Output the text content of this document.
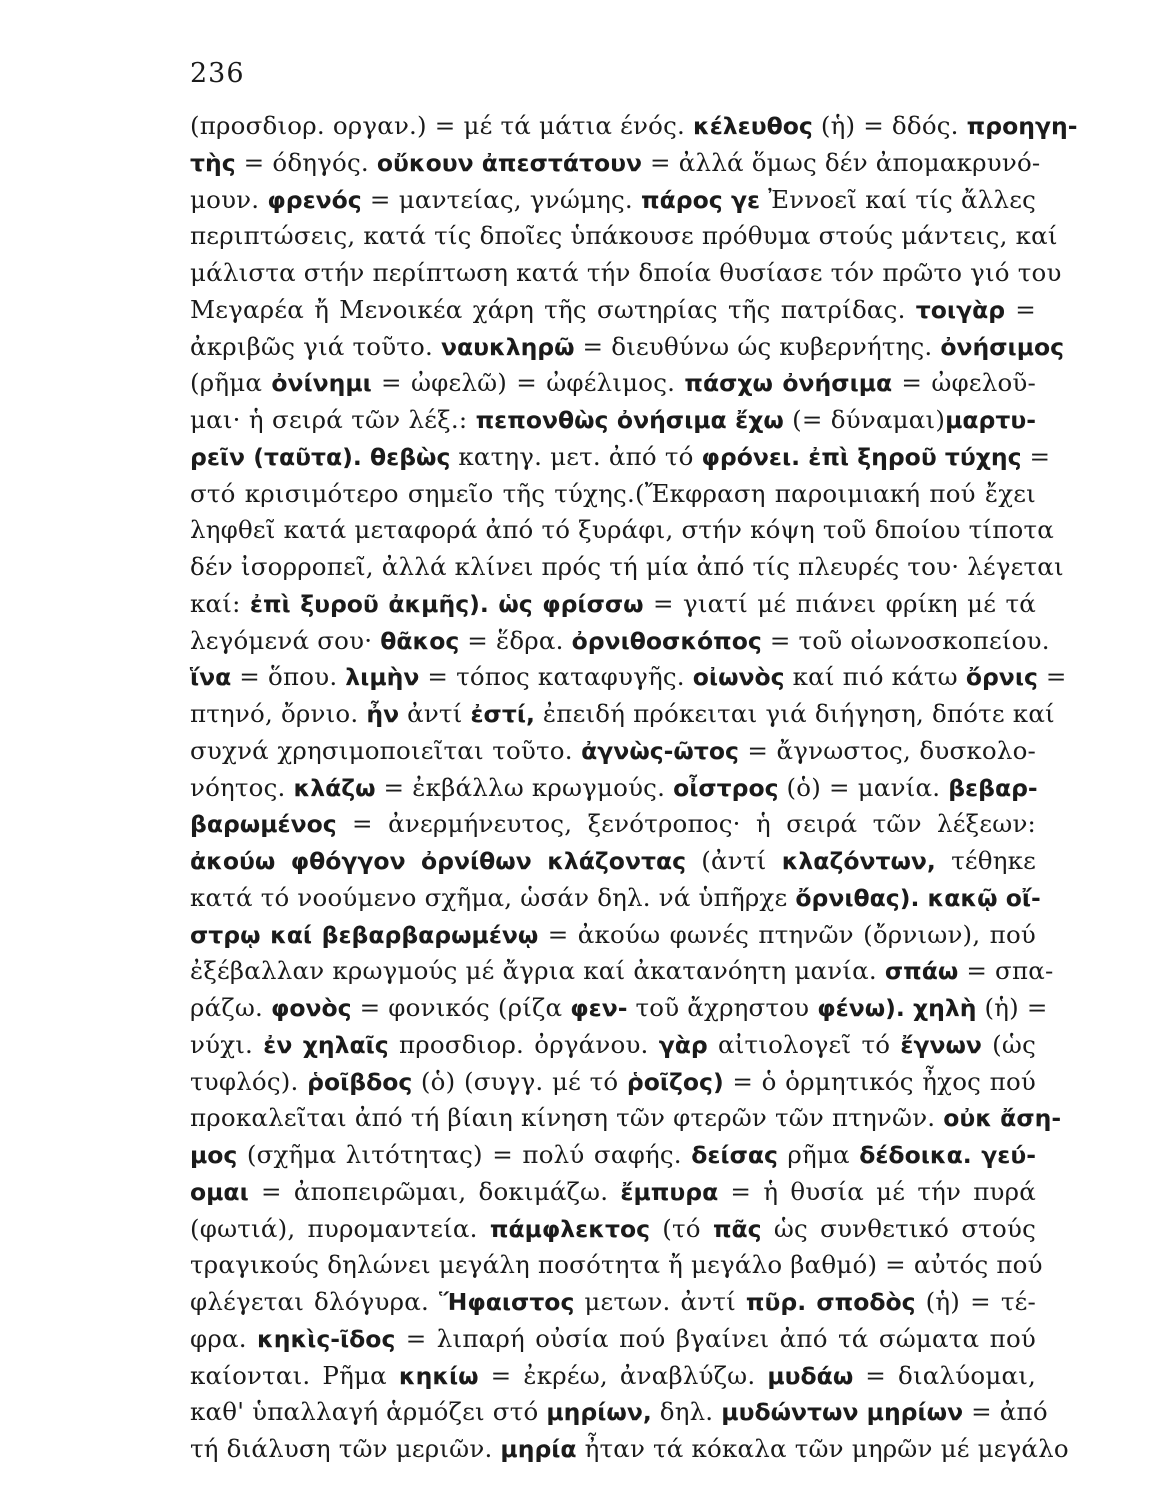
236
(προσδιορ. οργαν.) = μέ τά μάτια ένός. κέλευθος (ἡ) = δδός. προηγη-
τὴς = όδηγός. οὔκουν ἀπεστάτουν = ἀλλά ὅμως δέν ἀπομακρυνό-
μουν. φρενός = μαντείας, γνώμης. πάρος γε Ἐννοεῖ καί τίς ἄλλες
περιπτώσεις, κατά τίς δποῖες ὑπάκουσε πρόθυμα στούς μάντεις, καί
μάλιστα στήν περίπτωση κατά τήν δποία θυσίασε τόν πρῶτο γιό του
Μεγαρέα ἤ Μενοικέα χάρη τῆς σωτηρίας τῆς πατρίδας. τοιγὰρ =
ἀκριβῶς γιά τοῦτο. ναυκληρῶ = διευθύνω ώς κυβερνήτης. ὀνήσιμος
(ρῆμα ὀνίνημι = ὠφελῶ) = ὠφέλιμος. πάσχω ὀνήσιμα = ὠφελοῦ-
μαι· ἡ σειρά τῶν λέξ.: πεπονθὼς ὀνήσιμα ἔχω (= δύναμαι)μαρτυ-
ρεῖν (ταῦτα). θεβὼς κατηγ. μετ. ἀπό τό φρόνει. ἐπὶ ξηροῦ τύχης =
στό κρισιμότερο σημεῖο τῆς τύχης.(Ἔκφραση παροιμιακή πού ἔχει
ληφθεῖ κατά μεταφορά ἀπό τό ξυράφι, στήν κόψη τοῦ δποίου τίποτα
δέν ἰσορροπεῖ, ἀλλά κλίνει πρός τή μία ἀπό τίς πλευρές του· λέγεται
καί: ἐπὶ ξυροῦ ἀκμῆς). ὡς φρίσσω = γιατί μέ πιάνει φρίκη μέ τά
λεγόμενά σου· θᾶκος = ἕδρα. ὀρνιθοσκόπος = τοῦ οἰωνοσκοπείου.
ἵνα = ὅπου. λιμὴν = τόπος καταφυγῆς. οἰωνὸς καί πιό κάτω ὄρνις =
πτηνό, ὄρνιο. ἦν ἀντί ἐστί, ἐπειδή πρόκειται γιά διήγηση, δπότε καί
συχνά χρησιμοποιεῖται τοῦτο. ἀγνὼς-ῶτος = ἄγνωστος, δυσκολο-
νόητος. κλάζω = ἐκβάλλω κρωγμούς. οἶστρος (ὁ) = μανία. βεβαρ-
βαρωμένος = ἀνερμήνευτος, ξενότροπος· ἡ σειρά τῶν λέξεων:
ἀκούω φθόγγον ὀρνίθων κλάζοντας (ἀντί κλαζόντων, τέθηκε
κατά τό νοούμενο σχῆμα, ὡσάν δηλ. νά ὑπῆρχε ὄρνιθας). κακῷ οἴ-
στρῳ καί βεβαρβαρωμένῳ = ἀκούω φωνές πτηνῶν (ὄρνιων), πού
ἐξέβαλλαν κρωγμούς μέ ἄγρια καί ἀκατανόητη μανία. σπάω = σπα-
ράζω. φονὸς = φονικός (ρίζα φεν- τοῦ ἄχρηστου φένω). χηλὴ (ἡ) =
νύχι. ἐν χηλαῖς προσδιορ. ὀργάνου. γὰρ αἰτιολογεῖ τό ἔγνων (ὡς
τυφλός). ῥοῖβδος (ὁ) (συγγ. μέ τό ῥοῖζος) = ὁ ὁρμητικός ἦχος πού
προκαλεῖται ἀπό τή βίαιη κίνηση τῶν φτερῶν τῶν πτηνῶν. οὐκ ἄση-
μος (σχῆμα λιτότητας) = πολύ σαφής. δείσας ρῆμα δέδοικα. γεύ-
ομαι = ἀποπειρῶμαι, δοκιμάζω. ἔμπυρα = ἡ θυσία μέ τήν πυρά
(φωτιά), πυρομαντεία. πάμφλεκτος (τό πᾶς ὡς συνθετικό στούς
τραγικούς δηλώνει μεγάλη ποσότητα ἤ μεγάλο βαθμό) = αὐτός πού
φλέγεται δλόγυρα. Ἥφαιστος μετων. ἀντί πῦρ. σποδὸς (ἡ) = τέ-
φρα. κηκὶς-ῖδος = λιπαρή οὐσία πού βγαίνει ἀπό τά σώματα πού
καίονται. Ρῆμα κηκίω = ἐκρέω, ἀναβλύζω. μυδάω = διαλύομαι,
καθ' ὑπαλλαγή ἁρμόζει στό μηρίων, δηλ. μυδώντων μηρίων = ἀπό
τή διάλυση τῶν μεριῶν. μηρία ἦταν τά κόκαλα τῶν μηρῶν μέ μεγάλο
